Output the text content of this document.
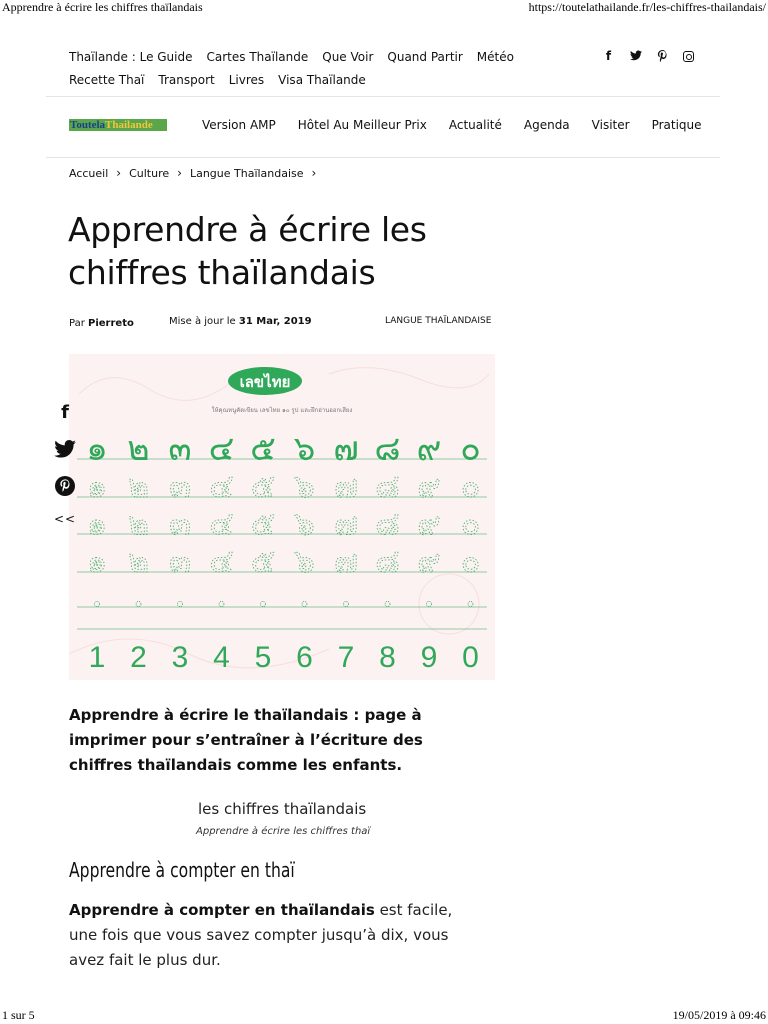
Apprendre à écrire les chiffres thaïlandais	https://toutelathailande.fr/les-chiffres-thailandais/
Thaïlande : Le Guide Cartes Thaïlande Que Voir Quand Partir Météo
Recette Thaï Transport Livres Visa Thaïlande
f
ToutelaThailande	Version AMP Hôtel Au Meilleur Prix Actualité Agenda Visiter Pratique
Accueil › Culture › Langue Thaïlandaise ›
Apprendre à écrire les chiffres thaïlandais
Par Pierreto	Mise à jour le 31 Mar, 2019	LANGUE THAÏLANDAISE
เลขไทย
ให้คุณหนูคัดเขียน เลขไทย ๑๐ รูป และฝึกอ่านออกเสียง
๑ ๒ ๓ ๔ ๕ ๖ ๗ ๘ ๙ ๐
๑ ๒ ๓ ๔ ๕ ๖ ๗ ๘ ๙ ๐
๑ ๒ ๓ ๔ ๕ ๖ ๗ ๘ ๙ ๐
๑ ๒ ๓ ๔ ๕ ๖ ๗ ๘ ๙ ๐
1 2 3 4 5 6 7 8 9 0
f
<<

Apprendre à écrire le thaïlandais : page à imprimer pour s’entraîner à l’écriture des chiffres thaïlandais comme les enfants.

les chiffres thaïlandais
Apprendre à écrire les chiffres thaï
Apprendre à compter en thaï

Apprendre à compter en thaïlandais est facile, une fois que vous savez compter jusqu’à dix, vous avez fait le plus dur.

1 sur 5	19/05/2019 à 09:46
